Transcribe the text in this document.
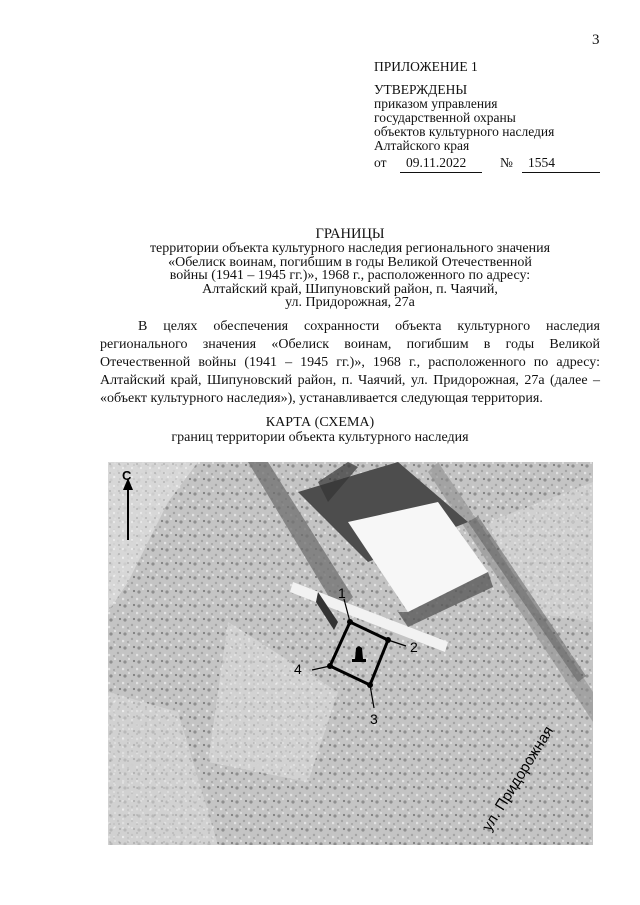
3
ПРИЛОЖЕНИЕ 1
УТВЕРЖДЕНЫ
приказом управления
государственной охраны
объектов культурного наследия
Алтайского края
от 09.11.2022	№ 1554
ГРАНИЦЫ
территории объекта культурного наследия регионального значения
«Обелиск воинам, погибшим в годы Великой Отечественной
войны (1941 – 1945 гг.)», 1968 г., расположенного по адресу:
Алтайский край, Шипуновский район, п. Чаячий,
ул. Придорожная, 27а

В целях обеспечения сохранности объекта культурного наследия регионального значения «Обелиск воинам, погибшим в годы Великой Отечественной войны (1941 – 1945 гг.)», 1968 г., расположенного по адресу: Алтайский край, Шипуновский район, п. Чаячий, ул. Придорожная, 27а (далее – «объект культурного наследия»), устанавливается следующая территория.

КАРТА (СХЕМА)
границ территории объекта культурного наследия
С
1
2
3
4
ул. Придорожная
